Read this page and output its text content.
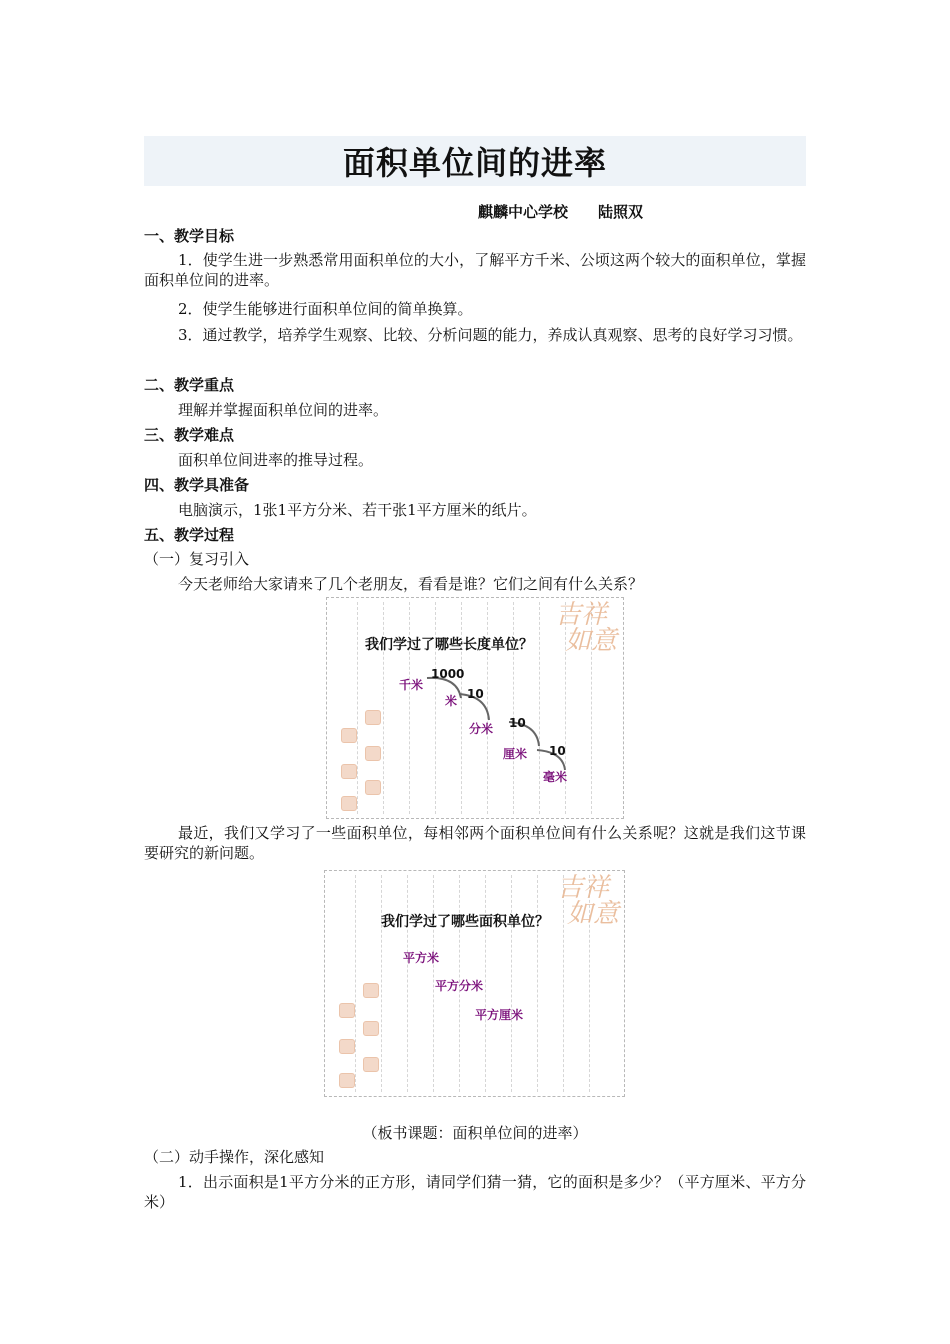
面积单位间的进率
麒麟中心学校　　陆照双
一、教学目标
1．使学生进一步熟悉常用面积单位的大小，了解平方千米、公顷这两个较大的面积单位，掌握面积单位间的进率。
2．使学生能够进行面积单位间的简单换算。
3．通过教学，培养学生观察、比较、分析问题的能力，养成认真观察、思考的良好学习习惯。
二、教学重点
理解并掌握面积单位间的进率。
三、教学难点
面积单位间进率的推导过程。
四、教学具准备
电脑演示，1张1平方分米、若干张1平方厘米的纸片。
五、教学过程
（一）复习引入
今天老师给大家请来了几个老朋友，看看是谁？它们之间有什么关系？
吉祥
如意
我们学过了哪些长度单位？
千米
米
分米
厘米
毫米
1000
10
10
10
最近，我们又学习了一些面积单位，每相邻两个面积单位间有什么关系呢？这就是我们这节课要研究的新问题。
吉祥
如意
我们学过了哪些面积单位？
平方米
平方分米
平方厘米
（板书课题：面积单位间的进率）
（二）动手操作，深化感知
1．出示面积是1平方分米的正方形，请同学们猜一猜，它的面积是多少？（平方厘米、平方分米）
